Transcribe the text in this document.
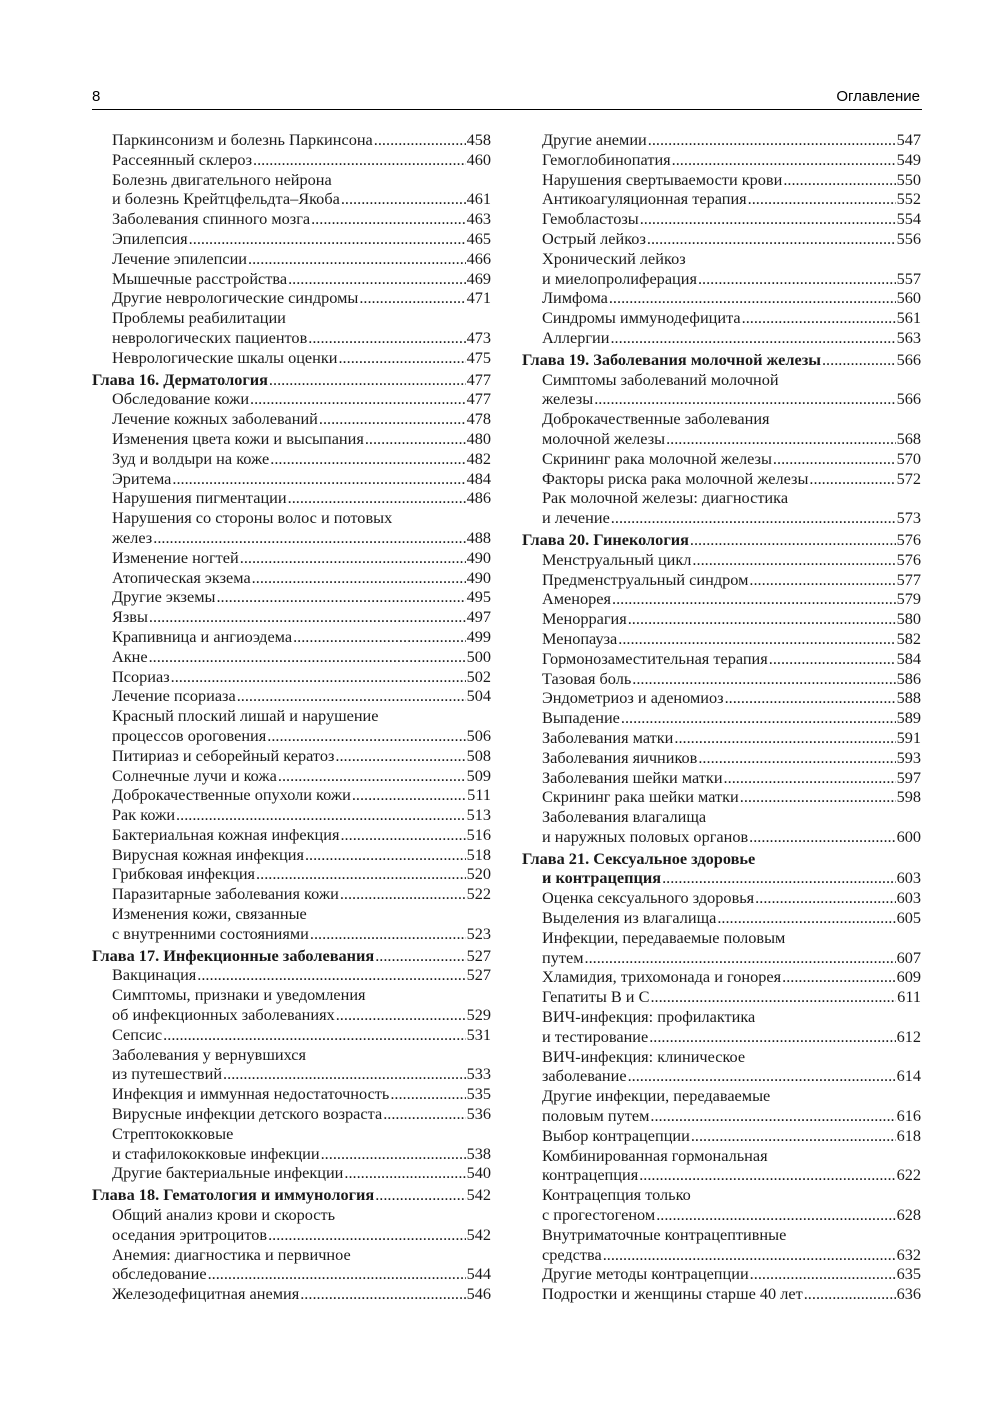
8	Оглавление
Паркинсонизм и болезнь Паркинсона .....	458
Рассеянный склероз .....	460
Болезнь двигательного нейрона
и болезнь Крейтцфельдта–Якоба .....	461
Заболевания спинного мозга .....	463
Эпилепсия .....	465
Лечение эпилепсии .....	466
Мышечные расстройства .....	469
Другие неврологические синдромы .....	471
Проблемы реабилитации
неврологических пациентов .....	473
Неврологические шкалы оценки .....	475
Глава 16. Дерматология .....	477
Обследование кожи .....	477
Лечение кожных заболеваний .....	478
Изменения цвета кожи и высыпания .....	480
Зуд и волдыри на коже .....	482
Эритема .....	484
Нарушения пигментации .....	486
Нарушения со стороны волос и потовых
желез .....	488
Изменение ногтей .....	490
Атопическая экзема .....	490
Другие экземы .....	495
Язвы .....	497
Крапивница и ангиоэдема .....	499
Акне .....	500
Псориаз .....	502
Лечение псориаза .....	504
Красный плоский лишай и нарушение
процессов ороговения .....	506
Питириаз и себорейный кератоз .....	508
Солнечные лучи и кожа .....	509
Доброкачественные опухоли кожи .....	511
Рак кожи .....	513
Бактериальная кожная инфекция .....	516
Вирусная кожная инфекция .....	518
Грибковая инфекция .....	520
Паразитарные заболевания кожи .....	522
Изменения кожи, связанные
с внутренними состояниями .....	523
Глава 17. Инфекционные заболевания .....	527
Вакцинация .....	527
Симптомы, признаки и уведомления
об инфекционных заболеваниях .....	529
Сепсис .....	531
Заболевания у вернувшихся
из путешествий .....	533
Инфекция и иммунная недостаточность .....	535
Вирусные инфекции детского возраста .....	536
Стрептококковые
и стафилококковые инфекции .....	538
Другие бактериальные инфекции .....	540
Глава 18. Гематология и иммунология .....	542
Общий анализ крови и скорость
оседания эритроцитов .....	542
Анемия: диагностика и первичное
обследование .....	544
Железодефицитная анемия .....	546
Другие анемии .....	547
Гемоглобинопатия .....	549
Нарушения свертываемости крови .....	550
Антикоагуляционная терапия .....	552
Гемобластозы .....	554
Острый лейкоз .....	556
Хронический лейкоз
и миелопролиферация .....	557
Лимфома .....	560
Синдромы иммунодефицита .....	561
Аллергии .....	563
Глава 19. Заболевания молочной железы .....	566
Симптомы заболеваний молочной
железы .....	566
Доброкачественные заболевания
молочной железы .....	568
Скрининг рака молочной железы .....	570
Факторы риска рака молочной железы .....	572
Рак молочной железы: диагностика
и лечение .....	573
Глава 20. Гинекология .....	576
Менструальный цикл .....	576
Предменструальный синдром .....	577
Аменорея .....	579
Меноррагия .....	580
Менопауза .....	582
Гормонозаместительная терапия .....	584
Тазовая боль .....	586
Эндометриоз и аденомиоз .....	588
Выпадение .....	589
Заболевания матки .....	591
Заболевания яичников .....	593
Заболевания шейки матки .....	597
Скрининг рака шейки матки .....	598
Заболевания влагалища
и наружных половых органов .....	600
Глава 21. Сексуальное здоровье
и контрацепция .....	603
Оценка сексуального здоровья .....	603
Выделения из влагалища .....	605
Инфекции, передаваемые половым
путем .....	607
Хламидия, трихомонада и гонорея .....	609
Гепатиты В и С .....	611
ВИЧ-инфекция: профилактика
и тестирование .....	612
ВИЧ-инфекция: клиническое
заболевание .....	614
Другие инфекции, передаваемые
половым путем .....	616
Выбор контрацепции .....	618
Комбинированная гормональная
контрацепция .....	622
Контрацепция только
с прогестогеном .....	628
Внутриматочные контрацептивные
средства .....	632
Другие методы контрацепции .....	635
Подростки и женщины старше 40 лет .....	636
